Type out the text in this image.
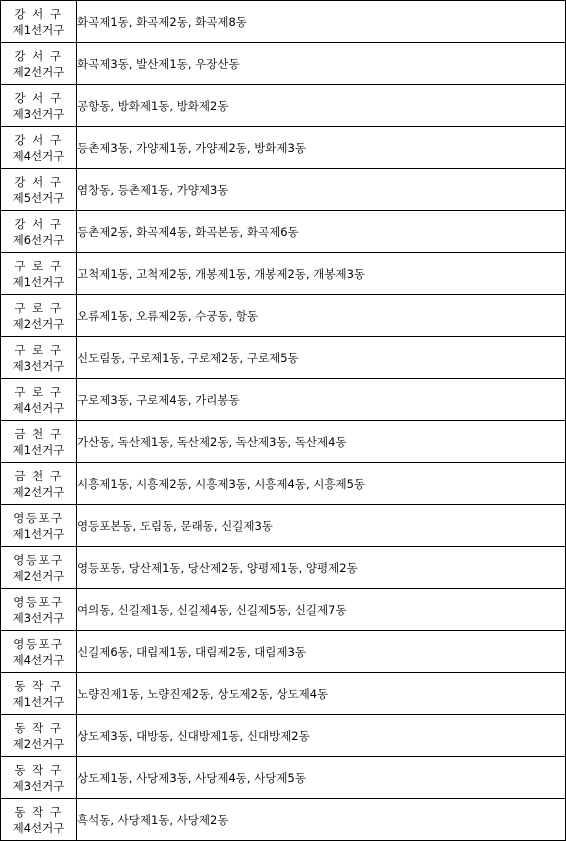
강 서 구
제1선거구	화곡제1동, 화곡제2동, 화곡제8동

강 서 구
제2선거구	화곡제3동, 발산제1동, 우장산동

강 서 구
제3선거구	공항동, 방화제1동, 방화제2동

강 서 구
제4선거구	등촌제3동, 가양제1동, 가양제2동, 방화제3동

강 서 구
제5선거구	염창동, 등촌제1동, 가양제3동

강 서 구
제6선거구	등촌제2동, 화곡제4동, 화곡본동, 화곡제6동

구 로 구
제1선거구	고척제1동, 고척제2동, 개봉제1동, 개봉제2동, 개봉제3동

구 로 구
제2선거구	오류제1동, 오류제2동, 수궁동, 항동

구 로 구
제3선거구	신도림동, 구로제1동, 구로제2동, 구로제5동

구 로 구
제4선거구	구로제3동, 구로제4동, 가리봉동

금 천 구
제1선거구	가산동, 독산제1동, 독산제2동, 독산제3동, 독산제4동

금 천 구
제2선거구	시흥제1동, 시흥제2동, 시흥제3동, 시흥제4동, 시흥제5동

영등포구
제1선거구	영등포본동, 도림동, 문래동, 신길제3동

영등포구
제2선거구	영등포동, 당산제1동, 당산제2동, 양평제1동, 양평제2동

영등포구
제3선거구	여의동, 신길제1동, 신길제4동, 신길제5동, 신길제7동

영등포구
제4선거구	신길제6동, 대림제1동, 대림제2동, 대림제3동

동 작 구
제1선거구	노량진제1동, 노량진제2동, 상도제2동, 상도제4동

동 작 구
제2선거구	상도제3동, 대방동, 신대방제1동, 신대방제2동

동 작 구
제3선거구	상도제1동, 사당제3동, 사당제4동, 사당제5동

동 작 구
제4선거구	흑석동, 사당제1동, 사당제2동
